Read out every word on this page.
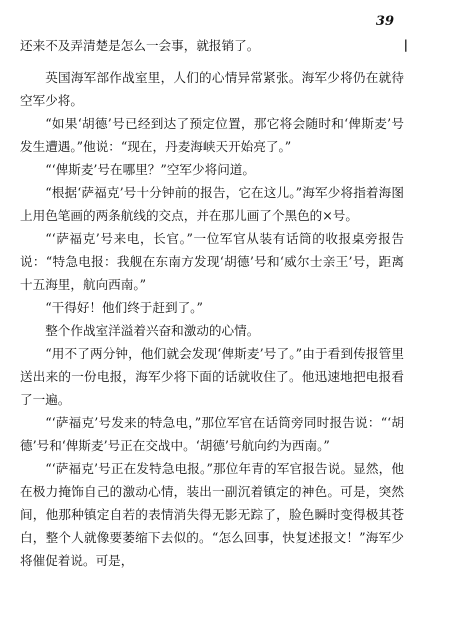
39
|

还来不及弄清楚是怎么一会事，就报销了。

英国海军部作战室里，人们的心情异常紧张。海军少将仍在就待空军少将。

“如果‘胡德’号已经到达了预定位置，那它将会随时和‘俾斯麦’号发生遭遇。”他说：“现在，丹麦海峡天开始亮了。”

“‘俾斯麦’号在哪里？”空军少将问道。

“根据‘萨福克’号十分钟前的报告，它在这儿。”海军少将指着海图上用色笔画的两条航线的交点，并在那儿画了个黑色的×号。

“‘萨福克’号来电，长官。”一位军官从装有话筒的收报桌旁报告说：“特急电报：我舰在东南方发现‘胡德’号和‘威尔士亲王’号，距离十五海里，航向西南。”

“干得好！他们终于赶到了。”

整个作战室洋溢着兴奋和激动的心情。

“用不了两分钟，他们就会发现‘俾斯麦’号了。”由于看到传报管里送出来的一份电报，海军少将下面的话就收住了。他迅速地把电报看了一遍。

“‘萨福克’号发来的特急电，”那位军官在话筒旁同时报告说：“‘胡德’号和‘俾斯麦’号正在交战中。‘胡德’号航向约为西南。”

“‘萨福克’号正在发特急电报。”那位年青的军官报告说。显然，他在极力掩饰自己的激动心情，装出一副沉着镇定的神色。可是，突然间，他那种镇定自若的表情消失得无影无踪了，脸色瞬时变得极其苍白，整个人就像要萎缩下去似的。“怎么回事，快复述报文！”海军少将催促着说。可是，
